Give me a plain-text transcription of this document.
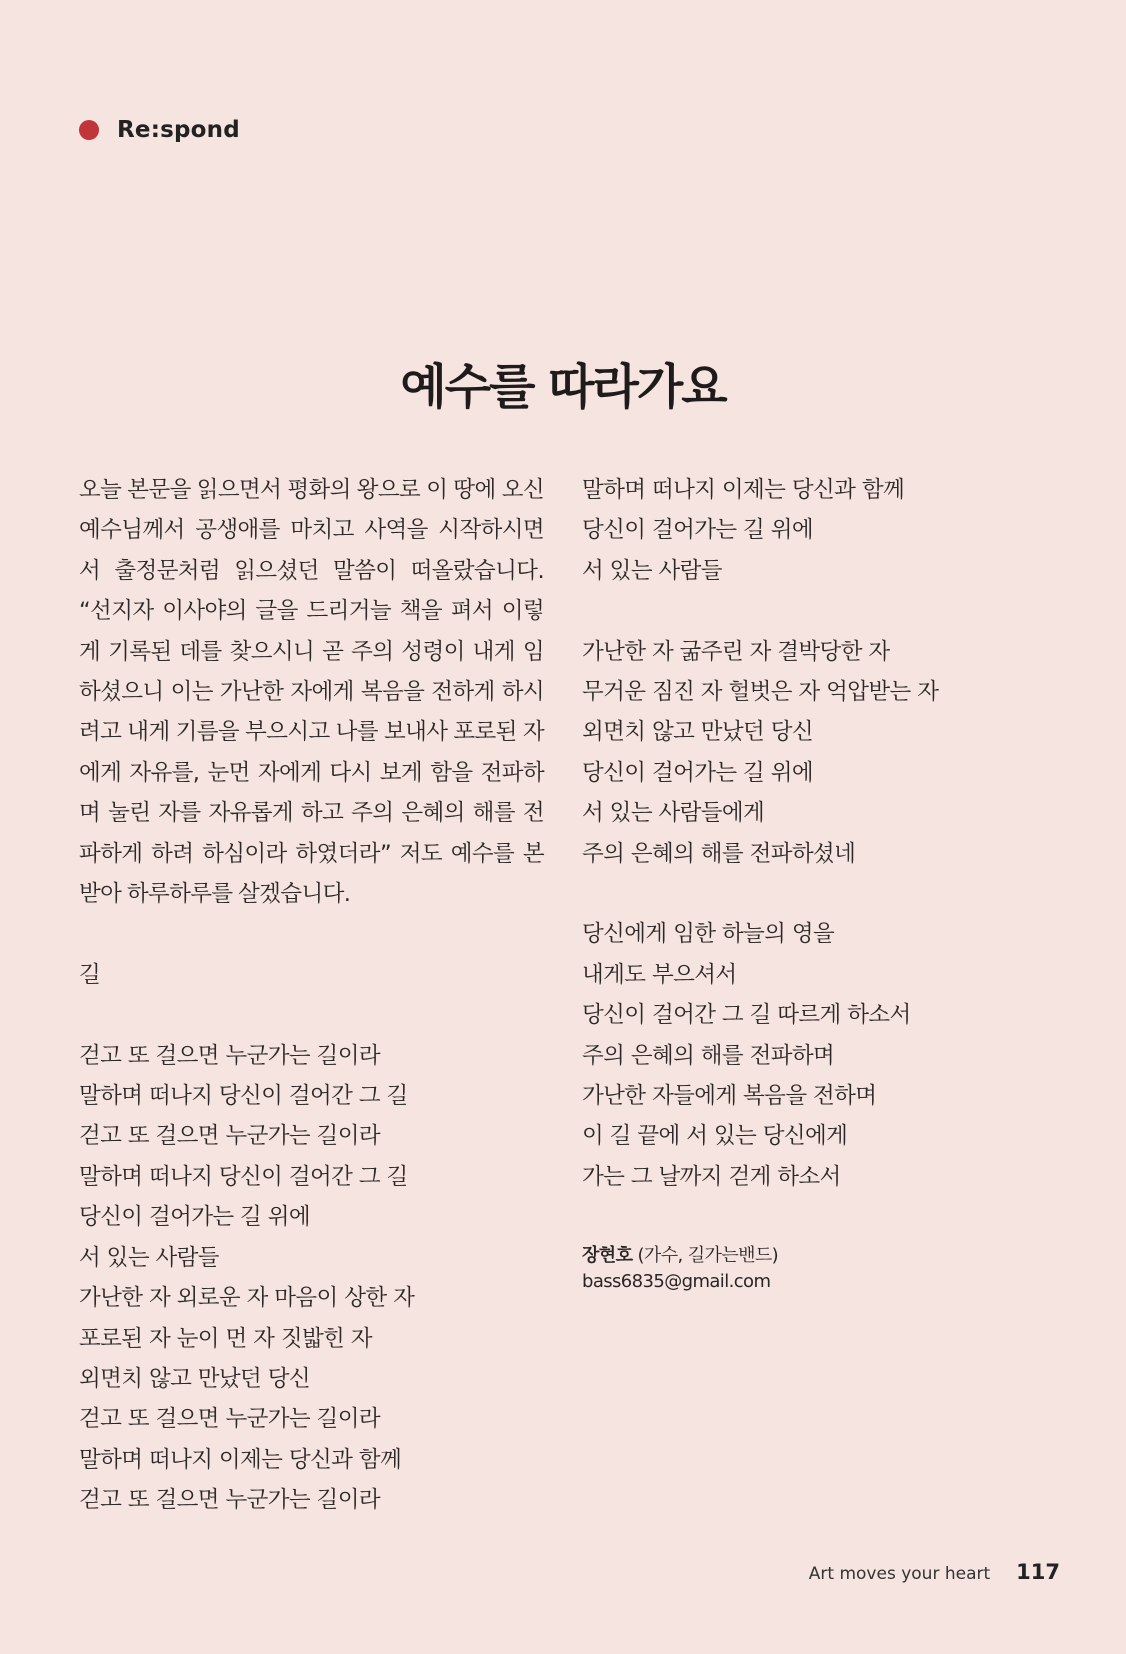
Re:spond
예수를 따라가요

오늘 본문을 읽으면서 평화의 왕으로 이 땅에 오신 예수님께서 공생애를 마치고 사역을 시작하시면서 출정문처럼 읽으셨던 말씀이 떠올랐습니다. “선지자 이사야의 글을 드리거늘 책을 펴서 이렇게 기록된 데를 찾으시니 곧 주의 성령이 내게 임하셨으니 이는 가난한 자에게 복음을 전하게 하시려고 내게 기름을 부으시고 나를 보내사 포로된 자에게 자유를, 눈먼 자에게 다시 보게 함을 전파하며 눌린 자를 자유롭게 하고 주의 은혜의 해를 전파하게 하려 하심이라 하였더라” 저도 예수를 본받아 하루하루를 살겠습니다.

길
걷고 또 걸으면 누군가는 길이라
말하며 떠나지 당신이 걸어간 그 길
걷고 또 걸으면 누군가는 길이라
말하며 떠나지 당신이 걸어간 그 길
당신이 걸어가는 길 위에
서 있는 사람들
가난한 자 외로운 자 마음이 상한 자
포로된 자 눈이 먼 자 짓밟힌 자
외면치 않고 만났던 당신
걷고 또 걸으면 누군가는 길이라
말하며 떠나지 이제는 당신과 함께
걷고 또 걸으면 누군가는 길이라
말하며 떠나지 이제는 당신과 함께
당신이 걸어가는 길 위에
서 있는 사람들
가난한 자 굶주린 자 결박당한 자
무거운 짐진 자 헐벗은 자 억압받는 자
외면치 않고 만났던 당신
당신이 걸어가는 길 위에
서 있는 사람들에게
주의 은혜의 해를 전파하셨네
당신에게 임한 하늘의 영을
내게도 부으셔서
당신이 걸어간 그 길 따르게 하소서
주의 은혜의 해를 전파하며
가난한 자들에게 복음을 전하며
이 길 끝에 서 있는 당신에게
가는 그 날까지 걷게 하소서
장현호 (가수, 길가는밴드)
bass6835@gmail.com
Art moves your heart 117
